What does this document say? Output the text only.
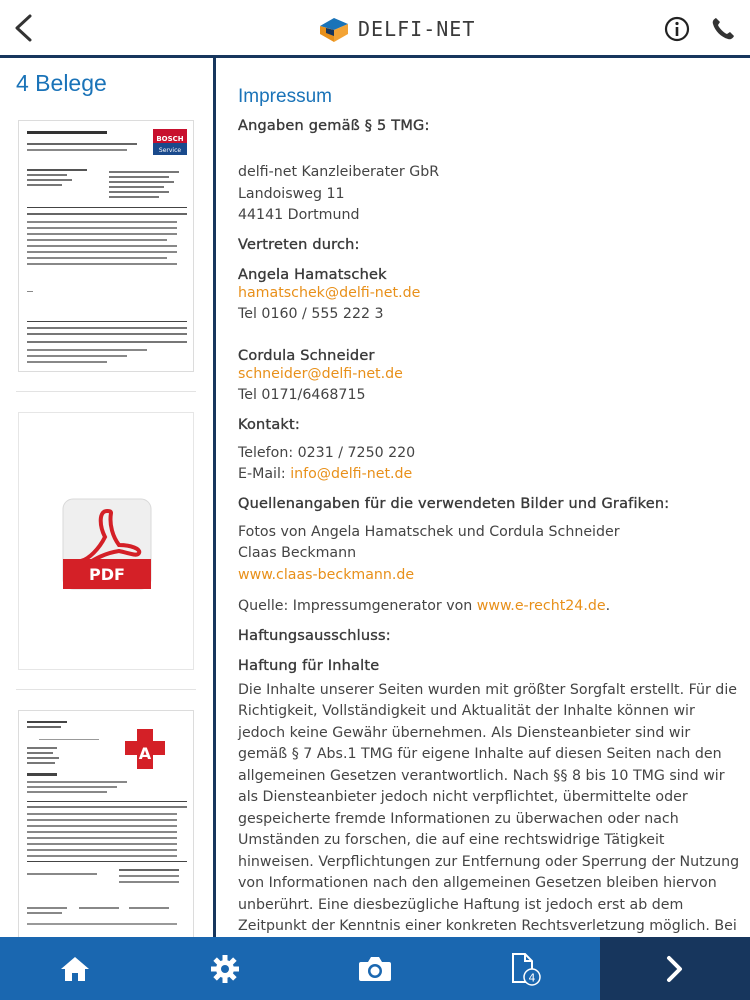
DELFI-NET
4 Belege
BOSCH
Service
PDF
A
Impressum
Angaben gemäß § 5 TMG:
delfi-net Kanzleiberater GbR
Landoisweg 11
44141 Dortmund
Vertreten durch:
Angela Hamatschek
hamatschek@delfi-net.de
Tel 0160 / 555 222 3
Cordula Schneider
schneider@delfi-net.de
Tel 0171/6468715
Kontakt:
Telefon: 0231 / 7250 220
E-Mail: info@delfi-net.de
Quellenangaben für die verwendeten Bilder und Grafiken:
Fotos von Angela Hamatschek und Cordula Schneider
Claas Beckmann
www.claas-beckmann.de
Quelle: Impressumgenerator von www.e-recht24.de.
Haftungsausschluss:
Haftung für Inhalte
Die Inhalte unserer Seiten wurden mit größter Sorgfalt erstellt. Für die Richtigkeit, Vollständigkeit und Aktualität der Inhalte können wir jedoch keine Gewähr übernehmen. Als Diensteanbieter sind wir gemäß § 7 Abs.1 TMG für eigene Inhalte auf diesen Seiten nach den allgemeinen Gesetzen verantwortlich. Nach §§ 8 bis 10 TMG sind wir als Diensteanbieter jedoch nicht verpflichtet, übermittelte oder gespeicherte fremde Informationen zu überwachen oder nach Umständen zu forschen, die auf eine rechtswidrige Tätigkeit hinweisen. Verpflichtungen zur Entfernung oder Sperrung der Nutzung von Informationen nach den allgemeinen Gesetzen bleiben hiervon unberührt. Eine diesbezügliche Haftung ist jedoch erst ab dem Zeitpunkt der Kenntnis einer konkreten Rechtsverletzung möglich. Bei
4
